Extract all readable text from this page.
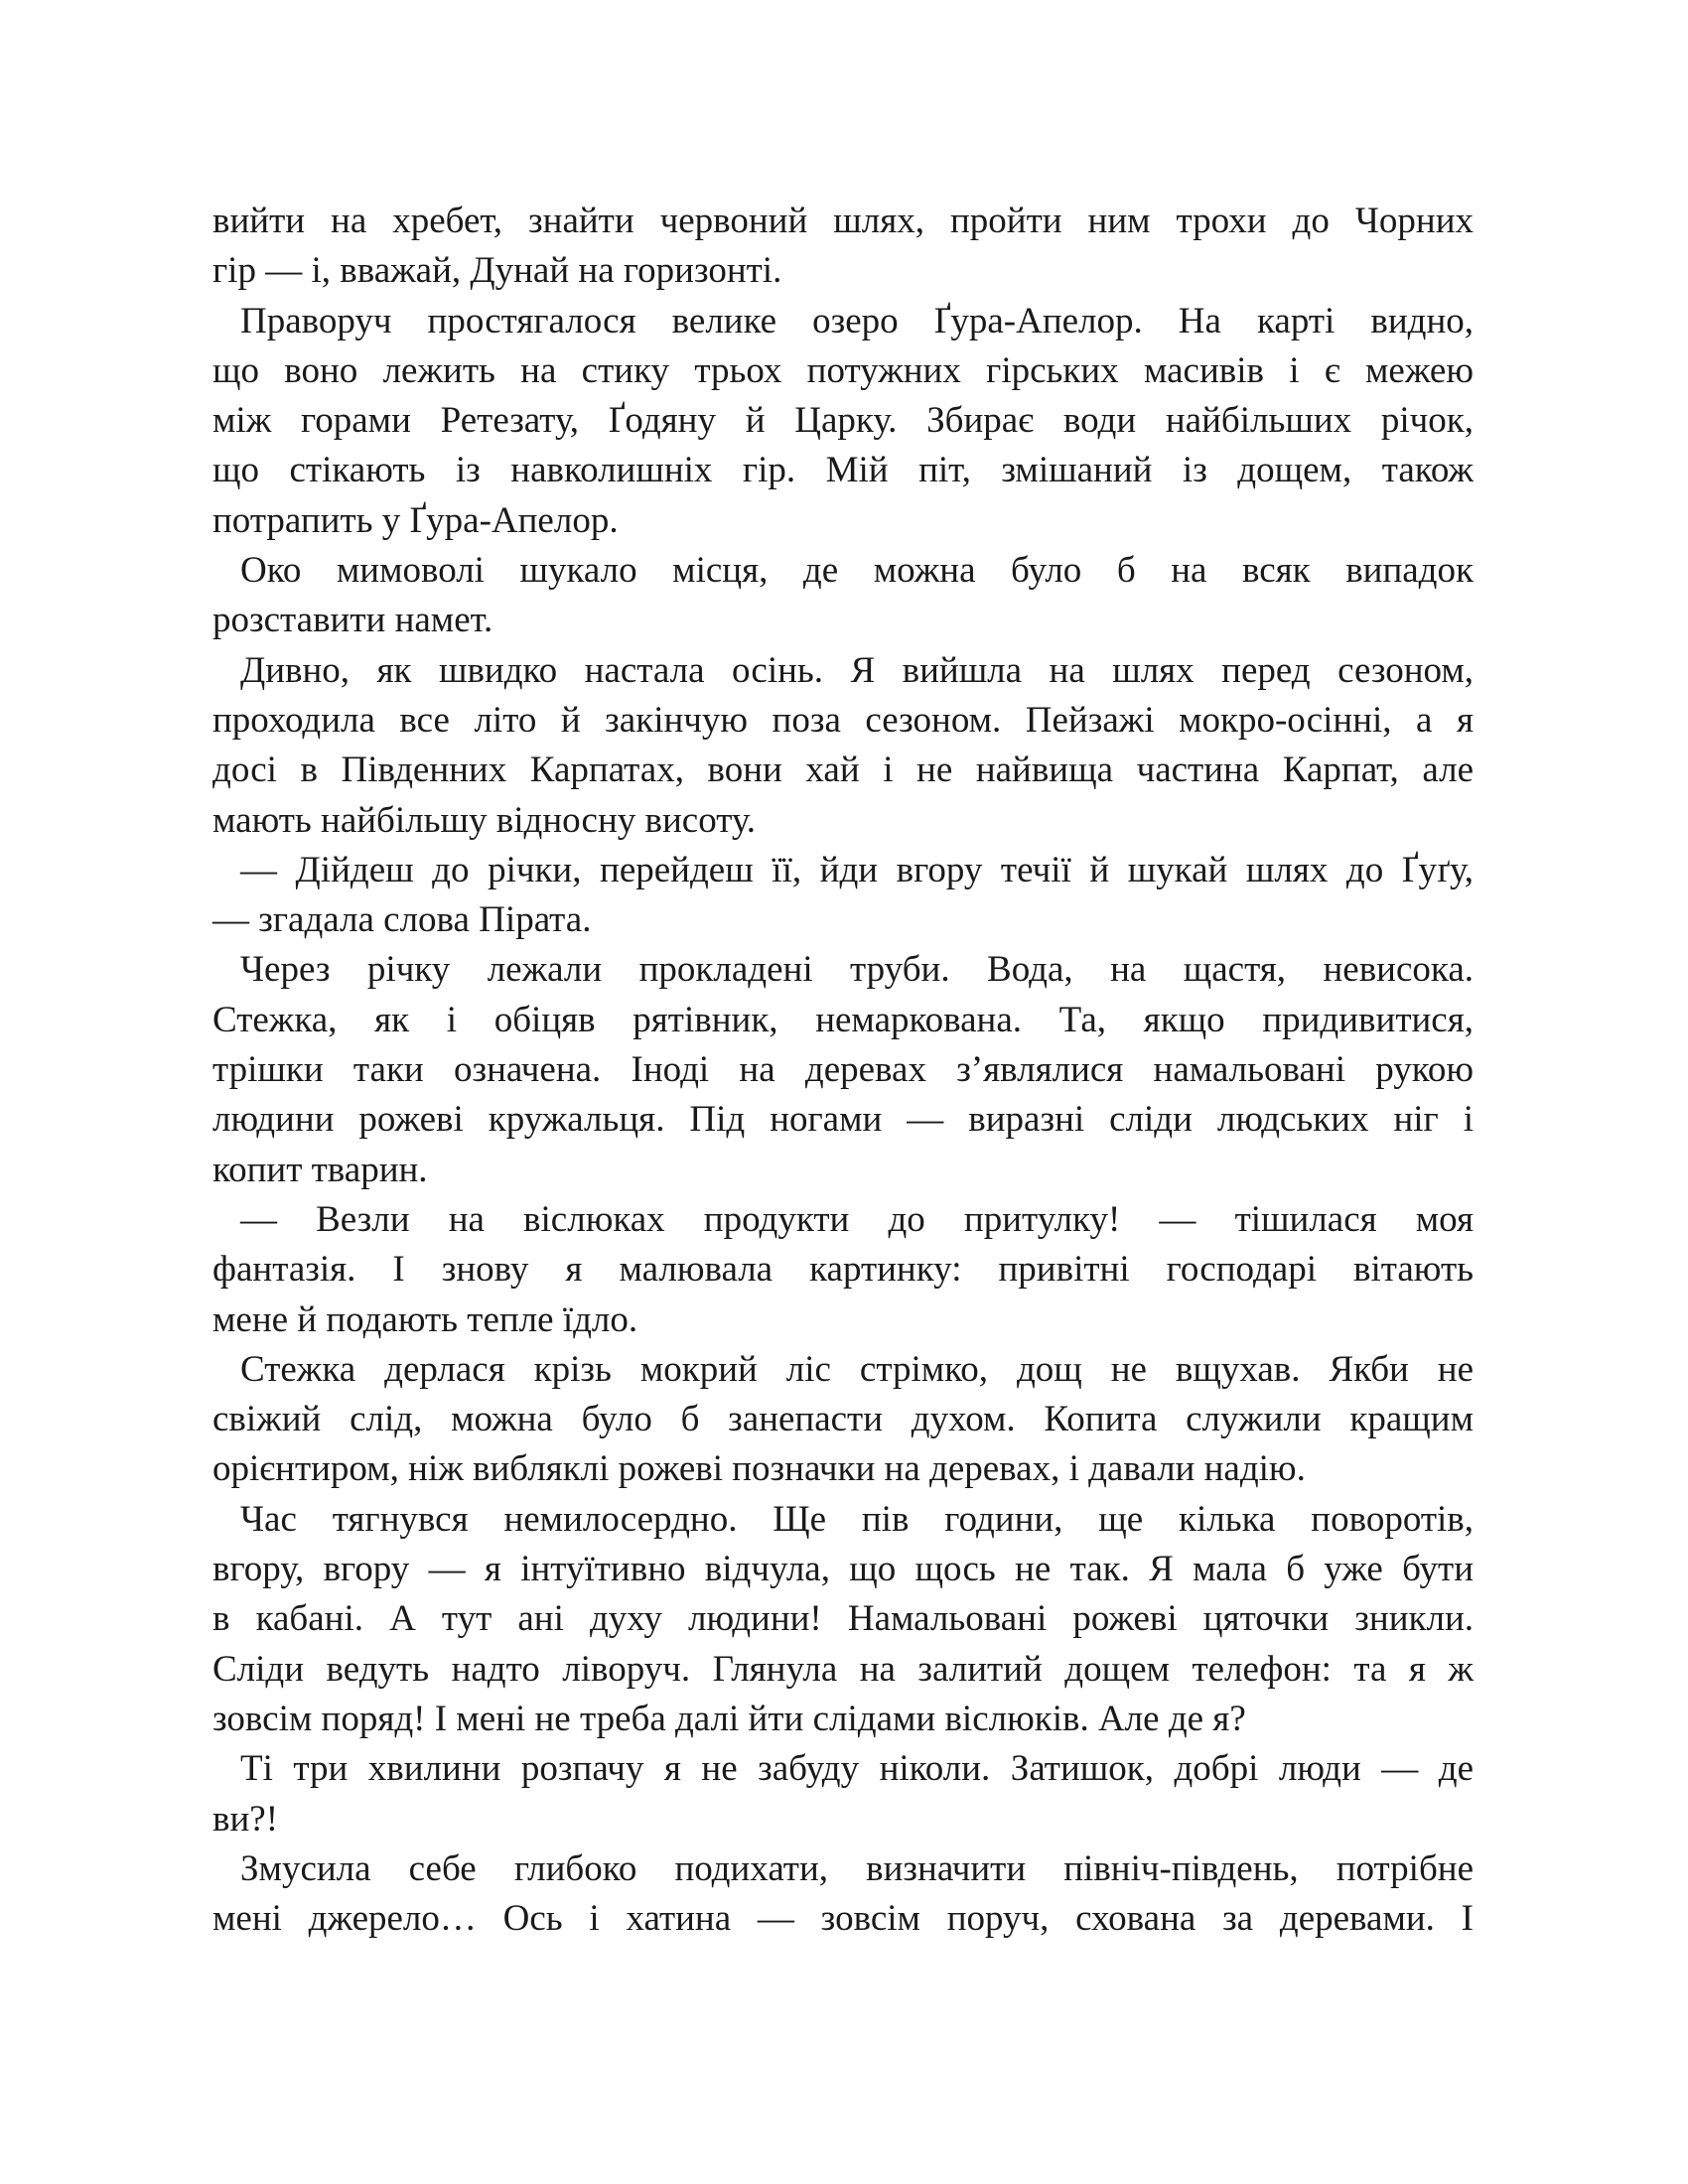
вийти на хребет, знайти червоний шлях, пройти ним трохи до Чорних
гір — і, вважай, Дунай на горизонті.
Праворуч простягалося велике озеро Ґура-Апелор. На карті видно,
що воно лежить на стику трьох потужних гірських масивів і є межею
між горами Ретезату, Ґодяну й Царку. Збирає води найбільших річок,
що стікають із навколишніх гір. Мій піт, змішаний із дощем, також
потрапить у Ґура-Апелор.
Око мимоволі шукало місця, де можна було б на всяк випадок
розставити намет.
Дивно, як швидко настала осінь. Я вийшла на шлях перед сезоном,
проходила все літо й закінчую поза сезоном. Пейзажі мокро-осінні, а я
досі в Південних Карпатах, вони хай і не найвища частина Карпат, але
мають найбільшу відносну висоту.
— Дійдеш до річки, перейдеш її, йди вгору течії й шукай шлях до Ґуґу,
— згадала слова Пірата.
Через річку лежали прокладені труби. Вода, на щастя, невисока.
Стежка, як і обіцяв рятівник, немаркована. Та, якщо придивитися,
трішки таки означена. Іноді на деревах з’являлися намальовані рукою
людини рожеві кружальця. Під ногами — виразні сліди людських ніг і
копит тварин.
— Везли на віслюках продукти до притулку! — тішилася моя
фантазія. І знову я малювала картинку: привітні господарі вітають
мене й подають тепле їдло.
Стежка дерлася крізь мокрий ліс стрімко, дощ не вщухав. Якби не
свіжий слід, можна було б занепасти духом. Копита служили кращим
орієнтиром, ніж вибляклі рожеві позначки на деревах, і давали надію.
Час тягнувся немилосердно. Ще пів години, ще кілька поворотів,
вгору, вгору — я інтуїтивно відчула, що щось не так. Я мала б уже бути
в кабані. А тут ані духу людини! Намальовані рожеві цяточки зникли.
Сліди ведуть надто ліворуч. Глянула на залитий дощем телефон: та я ж
зовсім поряд! І мені не треба далі йти слідами віслюків. Але де я?
Ті три хвилини розпачу я не забуду ніколи. Затишок, добрі люди — де
ви?!
Змусила себе глибоко подихати, визначити північ-південь, потрібне
мені джерело… Ось і хатина — зовсім поруч, схована за деревами. І
